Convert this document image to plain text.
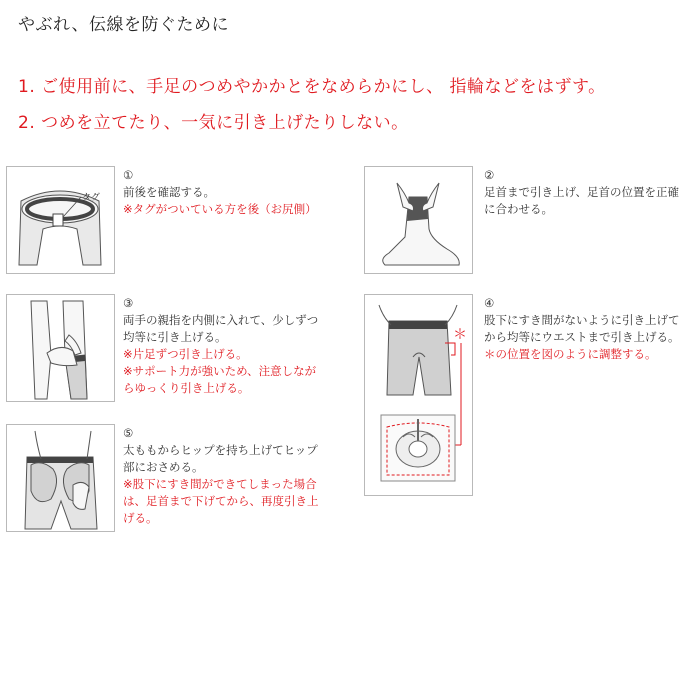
やぶれ、伝線を防ぐために
1. ご使用前に、手足のつめやかかとをなめらかにし、 指輪などをはずす。
2. つめを立てたり、一気に引き上げたりしない。
タグ
①
前後を確認する。
※タグがついている方を後（お尻側）
②
足首まで引き上げ、足首の位置を正確
に合わせる。
③
両手の親指を内側に入れて、少しずつ
均等に引き上げる。
※片足ずつ引き上げる。
※サポート力が強いため、注意しなが
らゆっくり引き上げる。
＊
④
股下にすき間がないように引き上げて
から均等にウエストまで引き上げる。
＊の位置を図のように調整する。
⑤
太ももからヒップを持ち上げてヒップ
部におさめる。
※股下にすき間ができてしまった場合
は、足首まで下げてから、再度引き上
げる。
